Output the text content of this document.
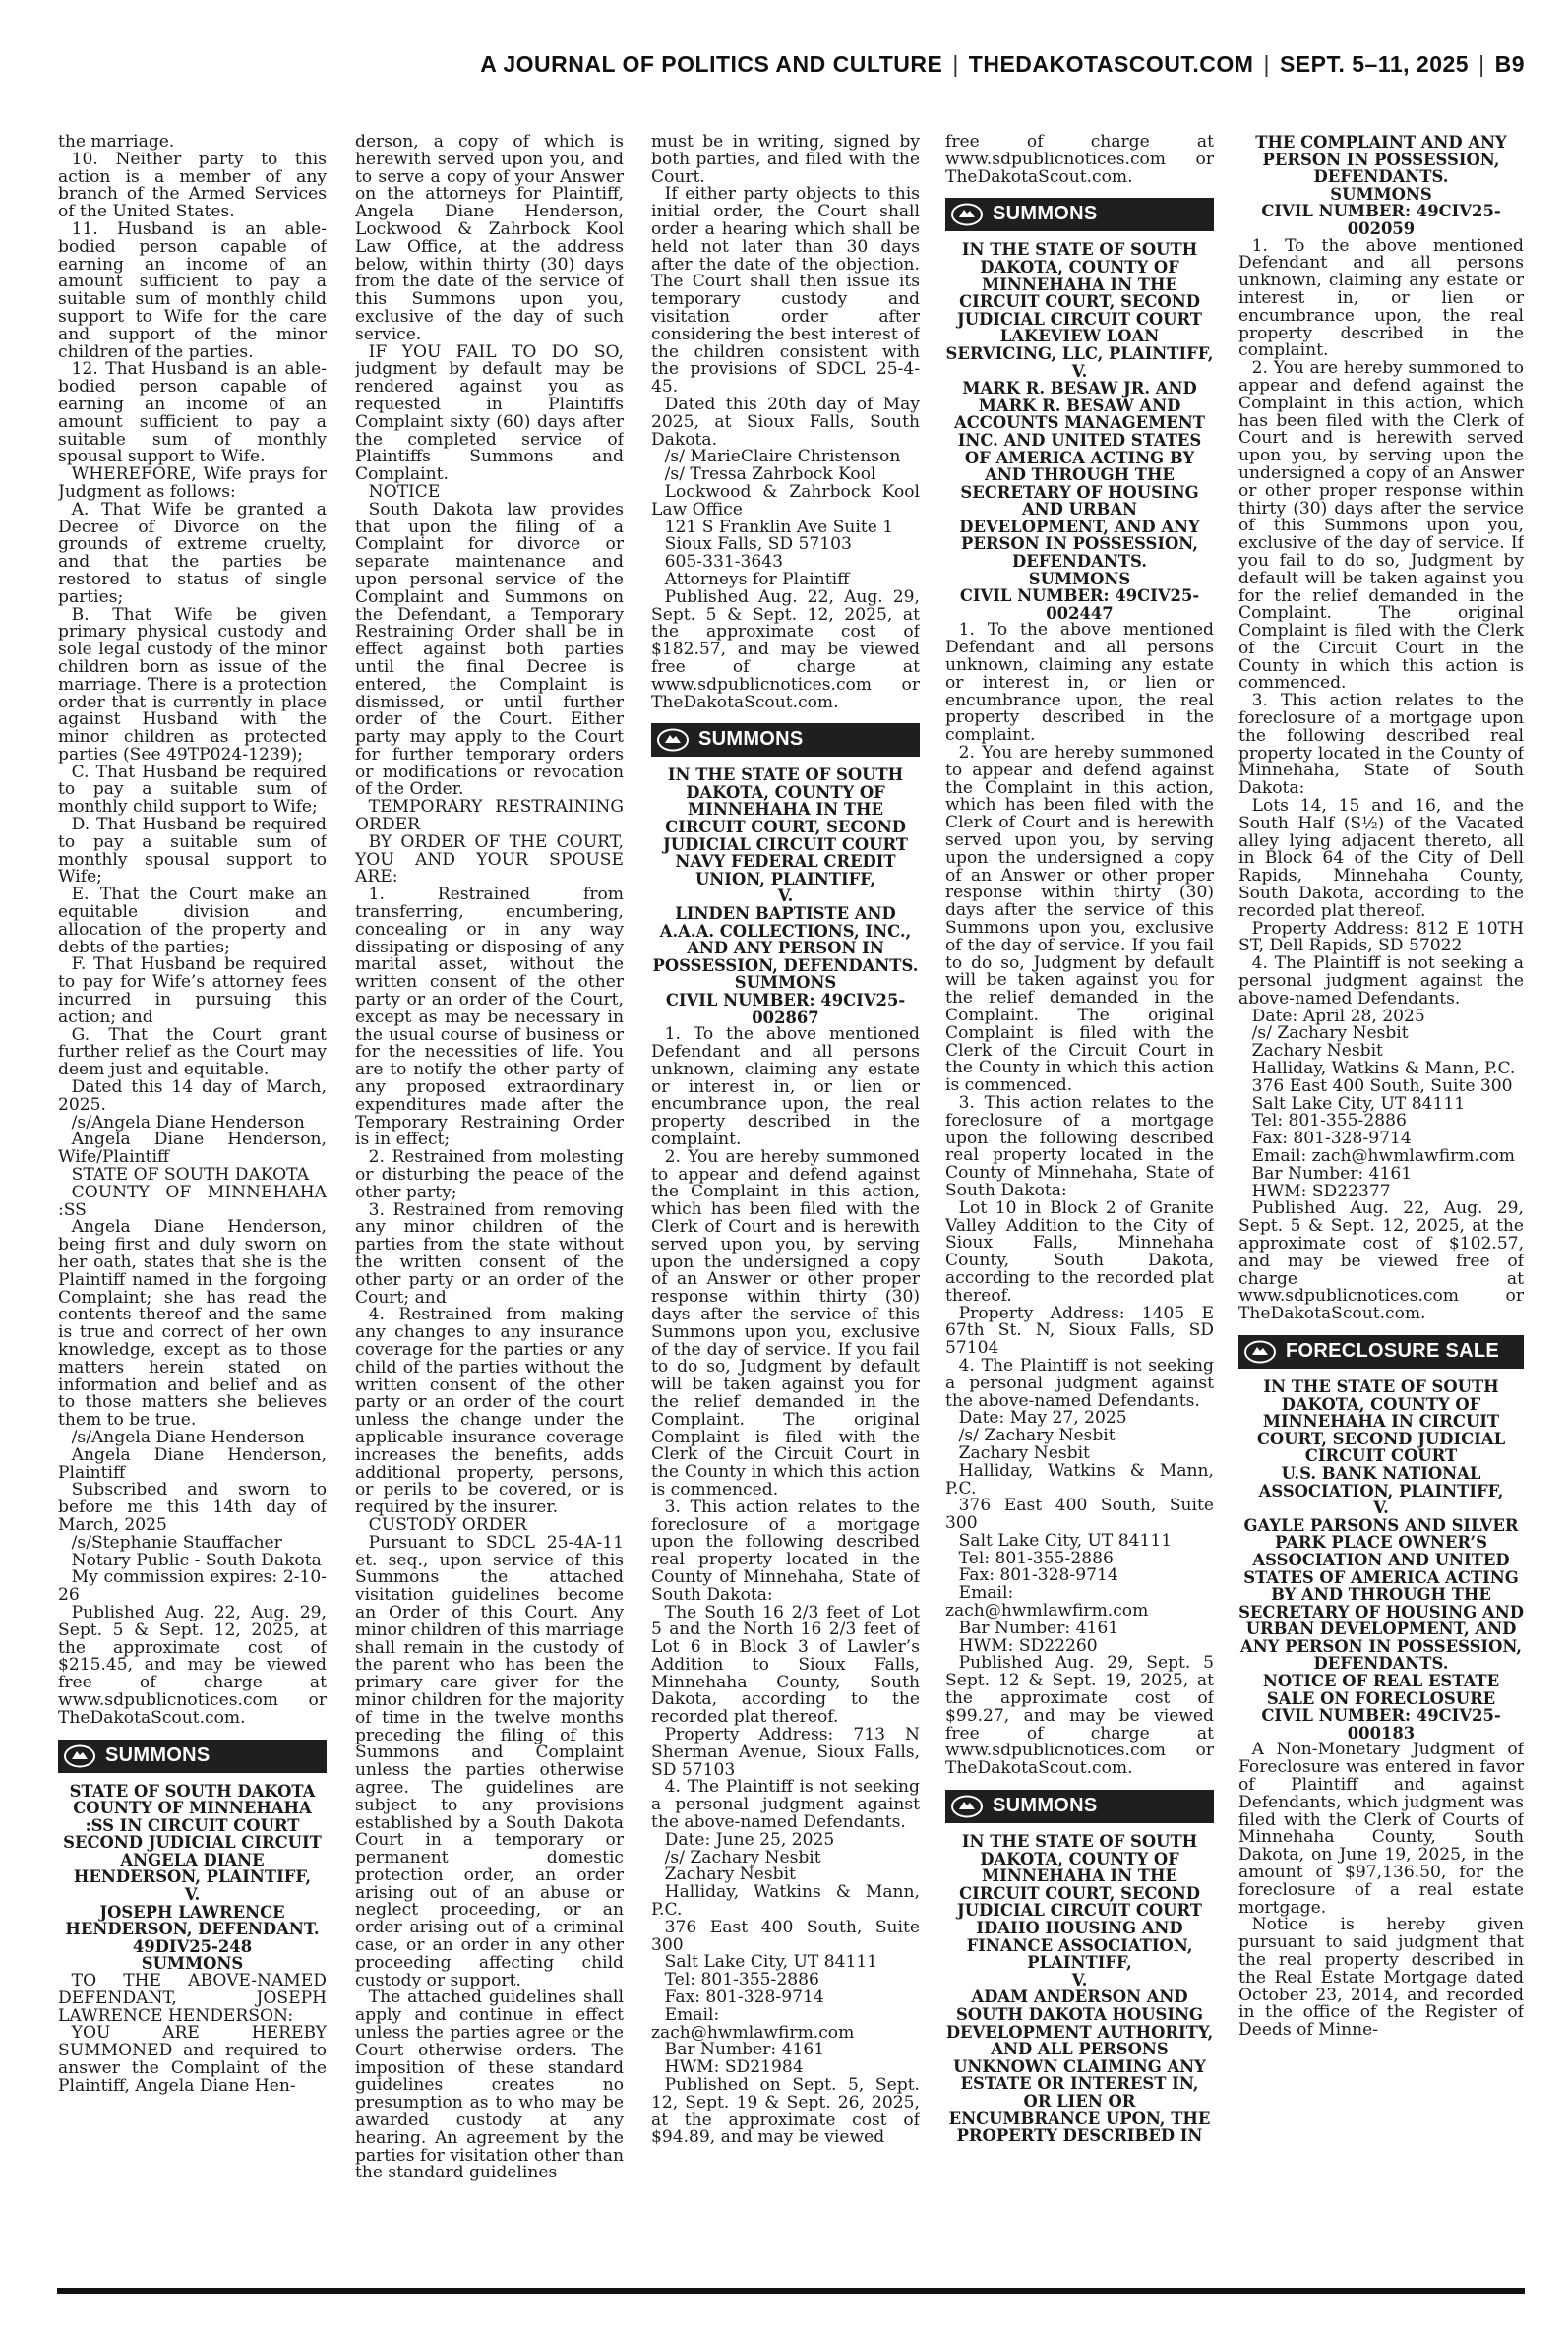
A JOURNAL OF POLITICS AND CULTURE | THEDAKOTASCOUT.COM | SEPT. 5–11, 2025 | B9

the marriage.

10. Neither party to this action is a member of any branch of the Armed Services of the United States.

11. Husband is an able-bodied person capable of earning an income of an amount sufficient to pay a suitable sum of monthly child support to Wife for the care and support of the minor children of the parties.

12. That Husband is an able-bodied person capable of earning an income of an amount sufficient to pay a suitable sum of monthly spousal support to Wife.

WHEREFORE, Wife prays for Judgment as follows:

A. That Wife be granted a Decree of Divorce on the grounds of extreme cruelty, and that the parties be restored to status of single parties;

B. That Wife be given primary physical custody and sole legal custody of the minor children born as issue of the marriage. There is a protection order that is currently in place against Husband with the minor children as protected parties (See 49TP024-1239);

C. That Husband be required to pay a suitable sum of monthly child support to Wife;

D. That Husband be required to pay a suitable sum of monthly spousal support to Wife;

E. That the Court make an equitable division and allocation of the property and debts of the parties;

F. That Husband be required to pay for Wife’s attorney fees incurred in pursuing this action; and

G. That the Court grant further relief as the Court may deem just and equitable.

Dated this 14 day of March, 2025.

/s/Angela Diane Henderson

Angela Diane Henderson, Wife/Plaintiff

STATE OF SOUTH DAKOTA

COUNTY OF MINNEHAHA :SS

Angela Diane Henderson, being first and duly sworn on her oath, states that she is the Plaintiff named in the forgoing Complaint; she has read the contents thereof and the same is true and correct of her own knowledge, except as to those matters herein stated on information and belief and as to those matters she believes them to be true.

/s/Angela Diane Henderson

Angela Diane Henderson, Plaintiff

Subscribed and sworn to before me this 14th day of March, 2025

/s/Stephanie Stauffacher

Notary Public - South Dakota

My commission expires: 2-10-26

Published Aug. 22, Aug. 29, Sept. 5 & Sept. 12, 2025, at the approximate cost of $215.45, and may be viewed free of charge at www.sdpublicnotices.com or TheDakotaScout.com.

SUMMONS

STATE OF SOUTH DAKOTA COUNTY OF MINNEHAHA :SS IN CIRCUIT COURT SECOND JUDICIAL CIRCUIT

ANGELA DIANE HENDERSON, PLAINTIFF,

V.

JOSEPH LAWRENCE HENDERSON, DEFENDANT.

49DIV25-248

SUMMONS

TO THE ABOVE-NAMED DEFENDANT, JOSEPH LAWRENCE HENDERSON:

YOU ARE HEREBY SUMMONED and required to answer the Complaint of the Plaintiff, Angela Diane Hen-

derson, a copy of which is herewith served upon you, and to serve a copy of your Answer on the attorneys for Plaintiff, Angela Diane Henderson, Lockwood & Zahrbock Kool Law Office, at the address below, within thirty (30) days from the date of the service of this Summons upon you, exclusive of the day of such service.

IF YOU FAIL TO DO SO, judgment by default may be rendered against you as requested in Plaintiffs Complaint sixty (60) days after the completed service of Plaintiffs Summons and Complaint.

NOTICE

South Dakota law provides that upon the filing of a Complaint for divorce or separate maintenance and upon personal service of the Complaint and Summons on the Defendant, a Temporary Restraining Order shall be in effect against both parties until the final Decree is entered, the Complaint is dismissed, or until further order of the Court. Either party may apply to the Court for further temporary orders or modifications or revocation of the Order.

TEMPORARY RESTRAINING ORDER

BY ORDER OF THE COURT, YOU AND YOUR SPOUSE ARE:

1. Restrained from transferring, encumbering, concealing or in any way dissipating or disposing of any marital asset, without the written consent of the other party or an order of the Court, except as may be necessary in the usual course of business or for the necessities of life. You are to notify the other party of any proposed extraordinary expenditures made after the Temporary Restraining Order is in effect;

2. Restrained from molesting or disturbing the peace of the other party;

3. Restrained from removing any minor children of the parties from the state without the written consent of the other party or an order of the Court; and

4. Restrained from making any changes to any insurance coverage for the parties or any child of the parties without the written consent of the other party or an order of the court unless the change under the applicable insurance coverage increases the benefits, adds additional property, persons, or perils to be covered, or is required by the insurer.

CUSTODY ORDER

Pursuant to SDCL 25-4A-11 et. seq., upon service of this Summons the attached visitation guidelines become an Order of this Court. Any minor children of this marriage shall remain in the custody of the parent who has been the primary care giver for the minor children for the majority of time in the twelve months preceding the filing of this Summons and Complaint unless the parties otherwise agree. The guidelines are subject to any provisions established by a South Dakota Court in a temporary or permanent domestic protection order, an order arising out of an abuse or neglect proceeding, or an order arising out of a criminal case, or an order in any other proceeding affecting child custody or support.

The attached guidelines shall apply and continue in effect unless the parties agree or the Court otherwise orders. The imposition of these standard guidelines creates no presumption as to who may be awarded custody at any hearing. An agreement by the parties for visitation other than the standard guidelines

must be in writing, signed by both parties, and filed with the Court.

If either party objects to this initial order, the Court shall order a hearing which shall be held not later than 30 days after the date of the objection. The Court shall then issue its temporary custody and visitation order after considering the best interest of the children consistent with the provisions of SDCL 25-4-45.

Dated this 20th day of May 2025, at Sioux Falls, South Dakota.

/s/ MarieClaire Christenson

/s/ Tressa Zahrbock Kool

Lockwood & Zahrbock Kool Law Office

121 S Franklin Ave Suite 1

Sioux Falls, SD 57103

605-331-3643

Attorneys for Plaintiff

Published Aug. 22, Aug. 29, Sept. 5 & Sept. 12, 2025, at the approximate cost of $182.57, and may be viewed free of charge at www.sdpublicnotices.com or TheDakotaScout.com.

SUMMONS

IN THE STATE OF SOUTH DAKOTA, COUNTY OF MINNEHAHA IN THE CIRCUIT COURT, SECOND JUDICIAL CIRCUIT COURT

NAVY FEDERAL CREDIT UNION, PLAINTIFF,

V.

LINDEN BAPTISTE AND A.A.A. COLLECTIONS, INC., AND ANY PERSON IN POSSESSION, DEFENDANTS.

SUMMONS

CIVIL NUMBER: 49CIV25-002867

1. To the above mentioned Defendant and all persons unknown, claiming any estate or interest in, or lien or encumbrance upon, the real property described in the complaint.

2. You are hereby summoned to appear and defend against the Complaint in this action, which has been filed with the Clerk of Court and is herewith served upon you, by serving upon the undersigned a copy of an Answer or other proper response within thirty (30) days after the service of this Summons upon you, exclusive of the day of service. If you fail to do so, Judgment by default will be taken against you for the relief demanded in the Complaint. The original Complaint is filed with the Clerk of the Circuit Court in the County in which this action is commenced.

3. This action relates to the foreclosure of a mortgage upon the following described real property located in the County of Minnehaha, State of South Dakota:

The South 16 2/3 feet of Lot 5 and the North 16 2/3 feet of Lot 6 in Block 3 of Lawler’s Addition to Sioux Falls, Minnehaha County, South Dakota, according to the recorded plat thereof.

Property Address: 713 N Sherman Avenue, Sioux Falls, SD 57103

4. The Plaintiff is not seeking a personal judgment against the above-named Defendants.

Date: June 25, 2025

/s/ Zachary Nesbit

Zachary Nesbit

Halliday, Watkins & Mann, P.C.

376 East 400 South, Suite 300

Salt Lake City, UT 84111

Tel: 801-355-2886

Fax: 801-328-9714

Email: zach@hwmlawfirm.com

Bar Number: 4161

HWM: SD21984

Published on Sept. 5, Sept. 12, Sept. 19 & Sept. 26, 2025, at the approximate cost of $94.89, and may be viewed

free of charge at www.sdpublicnotices.com or TheDakotaScout.com.

SUMMONS

IN THE STATE OF SOUTH DAKOTA, COUNTY OF MINNEHAHA IN THE CIRCUIT COURT, SECOND JUDICIAL CIRCUIT COURT

LAKEVIEW LOAN SERVICING, LLC, PLAINTIFF,

V.

MARK R. BESAW JR. AND MARK R. BESAW AND ACCOUNTS MANAGEMENT INC. AND UNITED STATES OF AMERICA ACTING BY AND THROUGH THE SECRETARY OF HOUSING AND URBAN DEVELOPMENT, AND ANY PERSON IN POSSESSION, DEFENDANTS.

SUMMONS

CIVIL NUMBER: 49CIV25-002447

1. To the above mentioned Defendant and all persons unknown, claiming any estate or interest in, or lien or encumbrance upon, the real property described in the complaint.

2. You are hereby summoned to appear and defend against the Complaint in this action, which has been filed with the Clerk of Court and is herewith served upon you, by serving upon the undersigned a copy of an Answer or other proper response within thirty (30) days after the service of this Summons upon you, exclusive of the day of service. If you fail to do so, Judgment by default will be taken against you for the relief demanded in the Complaint. The original Complaint is filed with the Clerk of the Circuit Court in the County in which this action is commenced.

3. This action relates to the foreclosure of a mortgage upon the following described real property located in the County of Minnehaha, State of South Dakota:

Lot 10 in Block 2 of Granite Valley Addition to the City of Sioux Falls, Minnehaha County, South Dakota, according to the recorded plat thereof.

Property Address: 1405 E 67th St. N, Sioux Falls, SD 57104

4. The Plaintiff is not seeking a personal judgment against the above-named Defendants.

Date: May 27, 2025

/s/ Zachary Nesbit

Zachary Nesbit

Halliday, Watkins & Mann, P.C.

376 East 400 South, Suite 300

Salt Lake City, UT 84111

Tel: 801-355-2886

Fax: 801-328-9714

Email: zach@hwmlawfirm.com

Bar Number: 4161

HWM: SD22260

Published Aug. 29, Sept. 5 Sept. 12 & Sept. 19, 2025, at the approximate cost of $99.27, and may be viewed free of charge at www.sdpublicnotices.com or TheDakotaScout.com.

SUMMONS

IN THE STATE OF SOUTH DAKOTA, COUNTY OF MINNEHAHA IN THE CIRCUIT COURT, SECOND JUDICIAL CIRCUIT COURT

IDAHO HOUSING AND FINANCE ASSOCIATION, PLAINTIFF,

V.

ADAM ANDERSON AND SOUTH DAKOTA HOUSING DEVELOPMENT AUTHORITY, AND ALL PERSONS UNKNOWN CLAIMING ANY ESTATE OR INTEREST IN, OR LIEN OR ENCUMBRANCE UPON, THE PROPERTY DESCRIBED IN

THE COMPLAINT AND ANY PERSON IN POSSESSION, DEFENDANTS.

SUMMONS

CIVIL NUMBER: 49CIV25-002059

1. To the above mentioned Defendant and all persons unknown, claiming any estate or interest in, or lien or encumbrance upon, the real property described in the complaint.

2. You are hereby summoned to appear and defend against the Complaint in this action, which has been filed with the Clerk of Court and is herewith served upon you, by serving upon the undersigned a copy of an Answer or other proper response within thirty (30) days after the service of this Summons upon you, exclusive of the day of service. If you fail to do so, Judgment by default will be taken against you for the relief demanded in the Complaint. The original Complaint is filed with the Clerk of the Circuit Court in the County in which this action is commenced.

3. This action relates to the foreclosure of a mortgage upon the following described real property located in the County of Minnehaha, State of South Dakota:

Lots 14, 15 and 16, and the South Half (S½) of the Vacated alley lying adjacent thereto, all in Block 64 of the City of Dell Rapids, Minnehaha County, South Dakota, according to the recorded plat thereof.

Property Address: 812 E 10TH ST, Dell Rapids, SD 57022

4. The Plaintiff is not seeking a personal judgment against the above-named Defendants.

Date: April 28, 2025

/s/ Zachary Nesbit

Zachary Nesbit

Halliday, Watkins & Mann, P.C.

376 East 400 South, Suite 300

Salt Lake City, UT 84111

Tel: 801-355-2886

Fax: 801-328-9714

Email: zach@hwmlawfirm.com

Bar Number: 4161

HWM: SD22377

Published Aug. 22, Aug. 29, Sept. 5 & Sept. 12, 2025, at the approximate cost of $102.57, and may be viewed free of charge at www.sdpublicnotices.com or TheDakotaScout.com.

FORECLOSURE SALE

IN THE STATE OF SOUTH DAKOTA, COUNTY OF MINNEHAHA IN CIRCUIT COURT, SECOND JUDICIAL CIRCUIT COURT

U.S. BANK NATIONAL ASSOCIATION, PLAINTIFF,

V.

GAYLE PARSONS AND SILVER PARK PLACE OWNER’S ASSOCIATION AND UNITED STATES OF AMERICA ACTING BY AND THROUGH THE SECRETARY OF HOUSING AND URBAN DEVELOPMENT, AND ANY PERSON IN POSSESSION, DEFENDANTS.

NOTICE OF REAL ESTATE SALE ON FORECLOSURE

CIVIL NUMBER: 49CIV25-000183

A Non-Monetary Judgment of Foreclosure was entered in favor of Plaintiff and against Defendants, which judgment was filed with the Clerk of Courts of Minnehaha County, South Dakota, on June 19, 2025, in the amount of $97,136.50, for the foreclosure of a real estate mortgage.

Notice is hereby given pursuant to said judgment that the real property described in the Real Estate Mortgage dated October 23, 2014, and recorded in the office of the Register of Deeds of Minne-
